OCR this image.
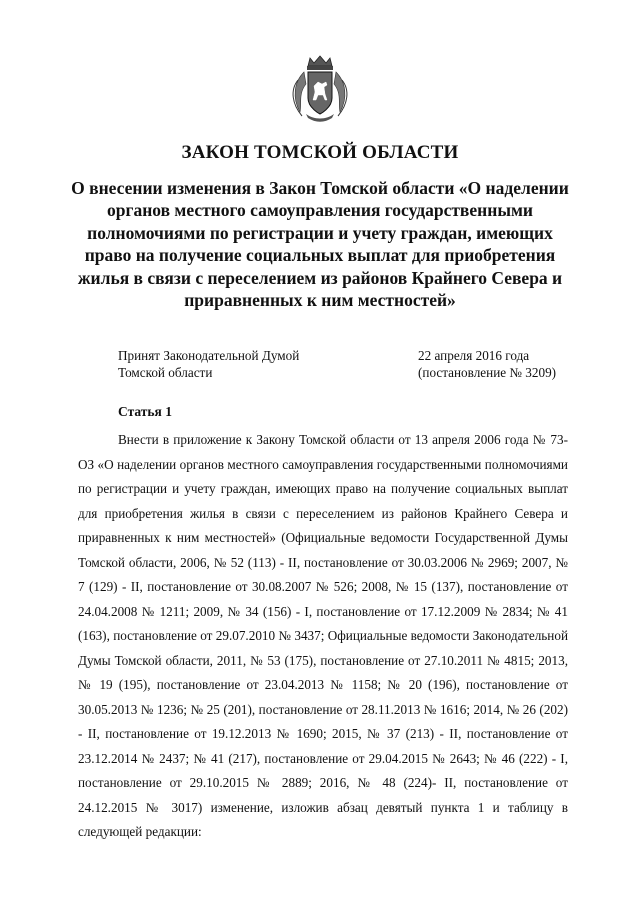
ЗАКОН ТОМСКОЙ ОБЛАСТИ
О внесении изменения в Закон Томской области «О наделении органов местного самоуправления государственными полномочиями по регистрации и учету граждан, имеющих право на получение социальных выплат для приобретения жилья в связи с переселением из районов Крайнего Севера и приравненных к ним местностей»
Принят Законодательной Думой
Томской области
22 апреля 2016 года
(постановление № 3209)
Статья 1

Внести в приложение к Закону Томской области от 13 апреля 2006 года № 73-ОЗ «О наделении органов местного самоуправления государственными полномочиями по регистрации и учету граждан, имеющих право на получение социальных выплат для приобретения жилья в связи с переселением из районов Крайнего Севера и приравненных к ним местностей» (Официальные ведомости Государственной Думы Томской области, 2006, № 52 (113) - II, постановление от 30.03.2006 № 2969; 2007, № 7 (129) - II, постановление от 30.08.2007 № 526; 2008, № 15 (137), постановление от 24.04.2008 № 1211; 2009, № 34 (156) - I, постановление от 17.12.2009 № 2834; № 41 (163), постановление от 29.07.2010 № 3437; Официальные ведомости Законодательной Думы Томской области, 2011, № 53 (175), постановление от 27.10.2011 № 4815; 2013, № 19 (195), постановление от 23.04.2013 № 1158; № 20 (196), постановление от 30.05.2013 № 1236; № 25 (201), постановление от 28.11.2013 № 1616; 2014, № 26 (202) - II, постановление от 19.12.2013 № 1690; 2015, № 37 (213) - II, постановление от 23.12.2014 № 2437; № 41 (217), постановление от 29.04.2015 № 2643; № 46 (222) - I, постановление от 29.10.2015 № 2889; 2016, № 48 (224)- II, постановление от 24.12.2015 № 3017) изменение, изложив абзац девятый пункта 1 и таблицу в следующей редакции:
